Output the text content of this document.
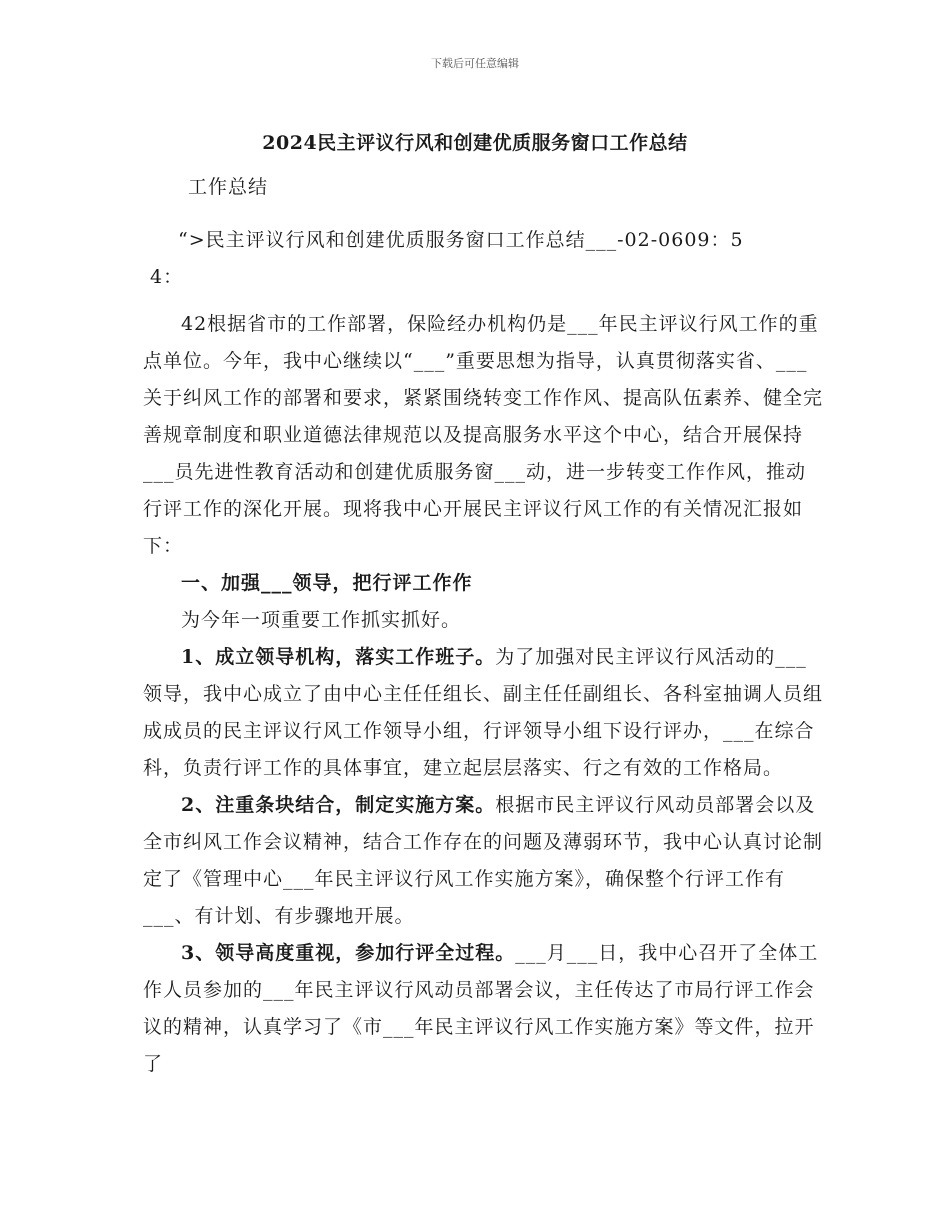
下载后可任意编辑
2024民主评议行风和创建优质服务窗口工作总结
工作总结
“>民主评议行风和创建优质服务窗口工作总结___-02-0609：5
4：

42根据省市的工作部署，保险经办机构仍是___年民主评议行风工作的重点单位。今年，我中心继续以“___”重要思想为指导，认真贯彻落实省、___关于纠风工作的部署和要求，紧紧围绕转变工作作风、提高队伍素养、健全完善规章制度和职业道德法律规范以及提高服务水平这个中心，结合开展保持___员先进性教育活动和创建优质服务窗___动，进一步转变工作作风，推动行评工作的深化开展。现将我中心开展民主评议行风工作的有关情况汇报如下：

一、加强___领导，把行评工作作

为今年一项重要工作抓实抓好。

1、成立领导机构，落实工作班子。为了加强对民主评议行风活动的___领导，我中心成立了由中心主任任组长、副主任任副组长、各科室抽调人员组成成员的民主评议行风工作领导小组，行评领导小组下设行评办，___在综合科，负责行评工作的具体事宜，建立起层层落实、行之有效的工作格局。

2、注重条块结合，制定实施方案。根据市民主评议行风动员部署会以及全市纠风工作会议精神，结合工作存在的问题及薄弱环节，我中心认真讨论制定了《管理中心___年民主评议行风工作实施方案》，确保整个行评工作有___、有计划、有步骤地开展。

3、领导高度重视，参加行评全过程。___月___日，我中心召开了全体工作人员参加的___年民主评议行风动员部署会议，主任传达了市局行评工作会议的精神，认真学习了《市___年民主评议行风工作实施方案》等文件，拉开了
